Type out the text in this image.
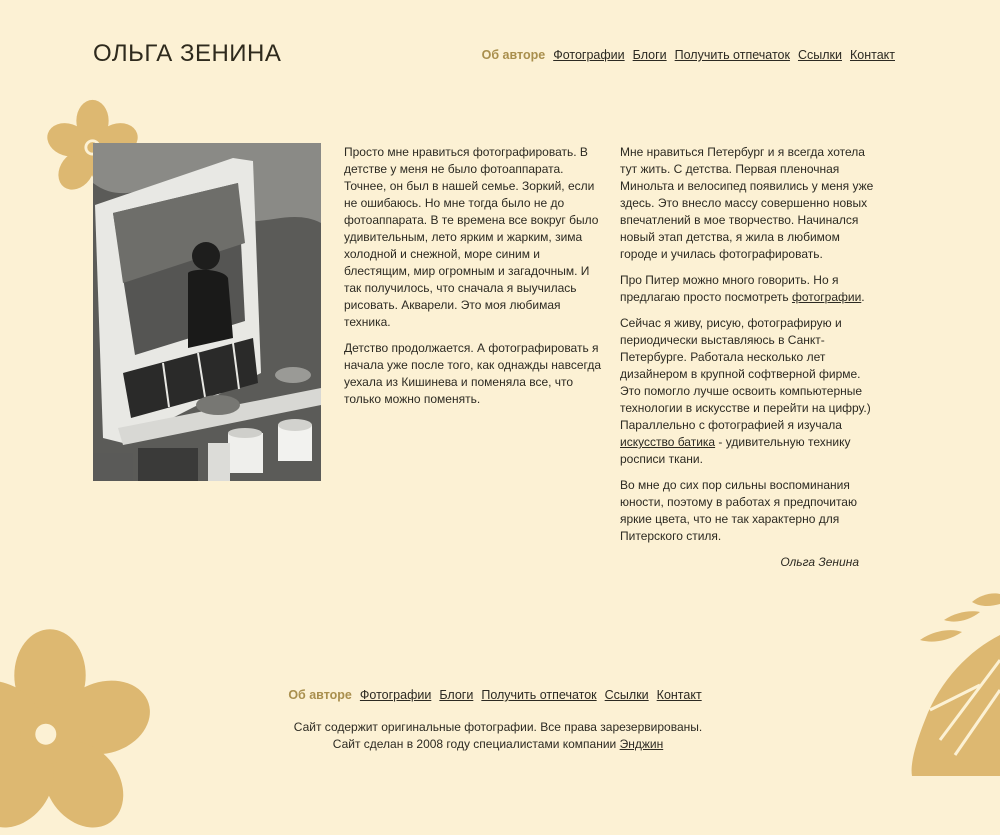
ОЛЬГА ЗЕНИНА	Об авторе Фотографии Блоги Получить отпечаток Ссылки Контакт

Просто мне нравиться фотографировать. В детстве у меня не было фотоаппарата. Точнее, он был в нашей семье. Зоркий, если не ошибаюсь. Но мне тогда было не до фотоаппарата. В те времена все вокруг было удивительным, лето ярким и жарким, зима холодной и снежной, море синим и блестящим, мир огромным и загадочным. И так получилось, что сначала я выучилась рисовать. Акварели. Это моя любимая техника.

Детство продолжается. А фотографировать я начала уже после того, как однажды навсегда уехала из Кишинева и поменяла все, что только можно поменять.

Мне нравиться Петербург и я всегда хотела тут жить. С детства. Первая пленочная Минольта и велосипед появились у меня уже здесь. Это внесло массу совершенно новых впечатлений в мое творчество. Начинался новый этап детства, я жила в любимом городе и училась фотографировать.

Про Питер можно много говорить. Но я предлагаю просто посмотреть фотографии.

Сейчас я живу, рисую, фотографирую и периодически выставляюсь в Санкт-Петербурге. Работала несколько лет дизайнером в крупной софтверной фирме. Это помогло лучше освоить компьютерные технологии в искусстве и перейти на цифру.) Параллельно с фотографией я изучала искусство батика - удивительную технику росписи ткани.

Во мне до сих пор сильны воспоминания юности, поэтому в работах я предпочитаю яркие цвета, что не так характерно для Питерского стиля.

Ольга Зенина

Об авторе Фотографии Блоги Получить отпечаток Ссылки Контакт
Сайт содержит оригинальные фотографии. Все права зарезервированы.
Сайт сделан в 2008 году специалистами компании Энджин
